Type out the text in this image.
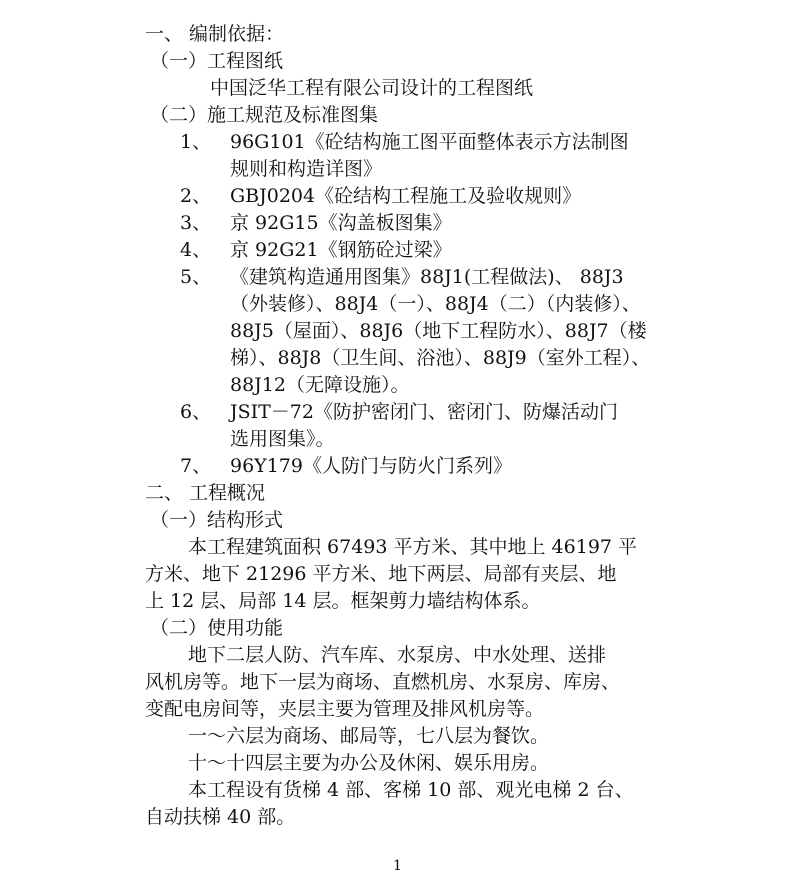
一、 编制依据：
（一）工程图纸
中国泛华工程有限公司设计的工程图纸
（二）施工规范及标准图集
1、 96G101《砼结构施工图平面整体表示方法制图
规则和构造详图》
2、 GBJ0204《砼结构工程施工及验收规则》
3、 京 92G15《沟盖板图集》
4、 京 92G21《钢筋砼过梁》
5、 《建筑构造通用图集》88J1(工程做法)、 88J3
（外装修）、88J4（一）、88J4（二）（内装修）、
88J5（屋面）、88J6（地下工程防水）、88J7（楼
梯）、88J8（卫生间、浴池）、88J9（室外工程）、
88J12（无障设施）。
6、 JSIT－72《防护密闭门、密闭门、防爆活动门
选用图集》。
7、 96Y179《人防门与防火门系列》
二、 工程概况
（一）结构形式
本工程建筑面积 67493 平方米、其中地上 46197 平
方米、地下 21296 平方米、地下两层、局部有夹层、地
上 12 层、局部 14 层。框架剪力墙结构体系。
（二）使用功能
地下二层人防、汽车库、水泵房、中水处理、送排
风机房等。地下一层为商场、直燃机房、水泵房、库房、
变配电房间等，夹层主要为管理及排风机房等。
一～六层为商场、邮局等，七八层为餐饮。
十～十四层主要为办公及休闲、娱乐用房。
本工程设有货梯 4 部、客梯 10 部、观光电梯 2 台、
自动扶梯 40 部。
1
